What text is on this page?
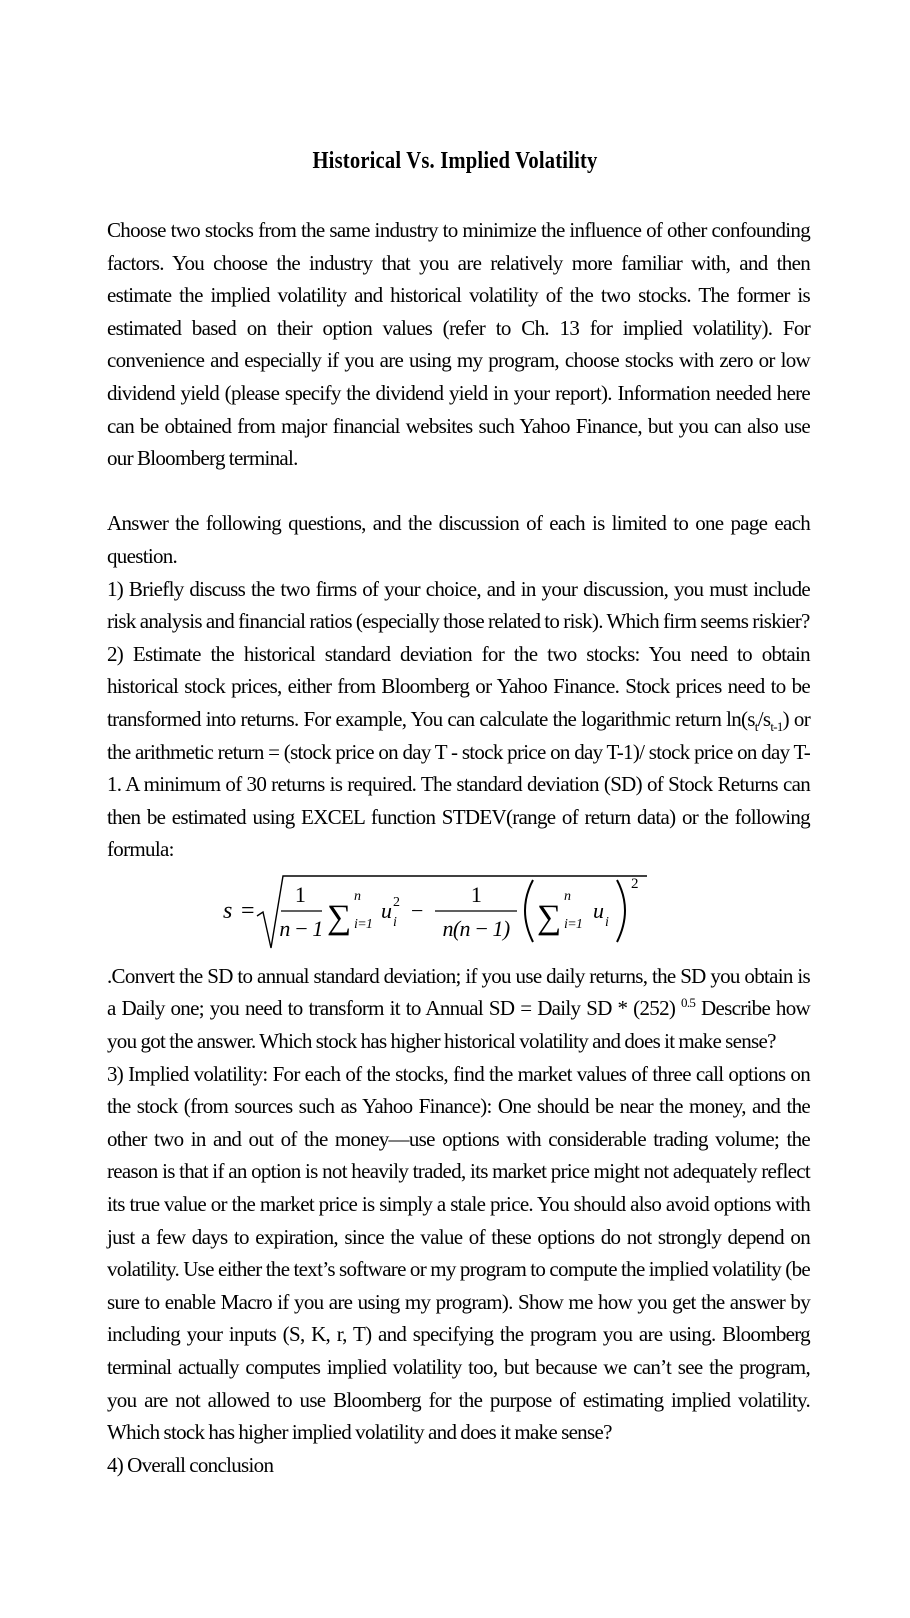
Historical Vs. Implied Volatility

Choose two stocks from the same industry to minimize the influence of other confounding factors. You choose the industry that you are relatively more familiar with, and then estimate the implied volatility and historical volatility of the two stocks. The former is estimated based on their option values (refer to Ch. 13 for implied volatility). For convenience and especially if you are using my program, choose stocks with zero or low dividend yield (please specify the dividend yield in your report). Information needed here can be obtained from major financial websites such Yahoo Finance, but you can also use our Bloomberg terminal.

Answer the following questions, and the discussion of each is limited to one page each question.

1) Briefly discuss the two firms of your choice, and in your discussion, you must include risk analysis and financial ratios (especially those related to risk). Which firm seems riskier?

2) Estimate the historical standard deviation for the two stocks: You need to obtain historical stock prices, either from Bloomberg or Yahoo Finance. Stock prices need to be transformed into returns. For example, You can calculate the logarithmic return $\ln(s_t/s_{t-1})$ or the arithmetic return = (stock price on day T - stock price on day T-1)/ stock price on day T-1. A minimum of 30 returns is required. The standard deviation (SD) of Stock Returns can then be estimated using EXCEL function STDEV(range of return data) or the following formula:

s =
1
n − 1 ∑
n
i=1
u 2
i −
1
n(n − 1) ∑
n
i=1
u i
2

.Convert the SD to annual standard deviation; if you use daily returns, the SD you obtain is a Daily one; you need to transform it to Annual SD = Daily SD * (252) $^{0.5}$ Describe how you got the answer. Which stock has higher historical volatility and does it make sense?

3) Implied volatility: For each of the stocks, find the market values of three call options on the stock (from sources such as Yahoo Finance): One should be near the money, and the other two in and out of the money—use options with considerable trading volume; the reason is that if an option is not heavily traded, its market price might not adequately reflect its true value or the market price is simply a stale price. You should also avoid options with just a few days to expiration, since the value of these options do not strongly depend on volatility. Use either the text’s software or my program to compute the implied volatility (be sure to enable Macro if you are using my program). Show me how you get the answer by including your inputs (S, K, r, T) and specifying the program you are using. Bloomberg terminal actually computes implied volatility too, but because we can’t see the program, you are not allowed to use Bloomberg for the purpose of estimating implied volatility. Which stock has higher implied volatility and does it make sense?

4) Overall conclusion
